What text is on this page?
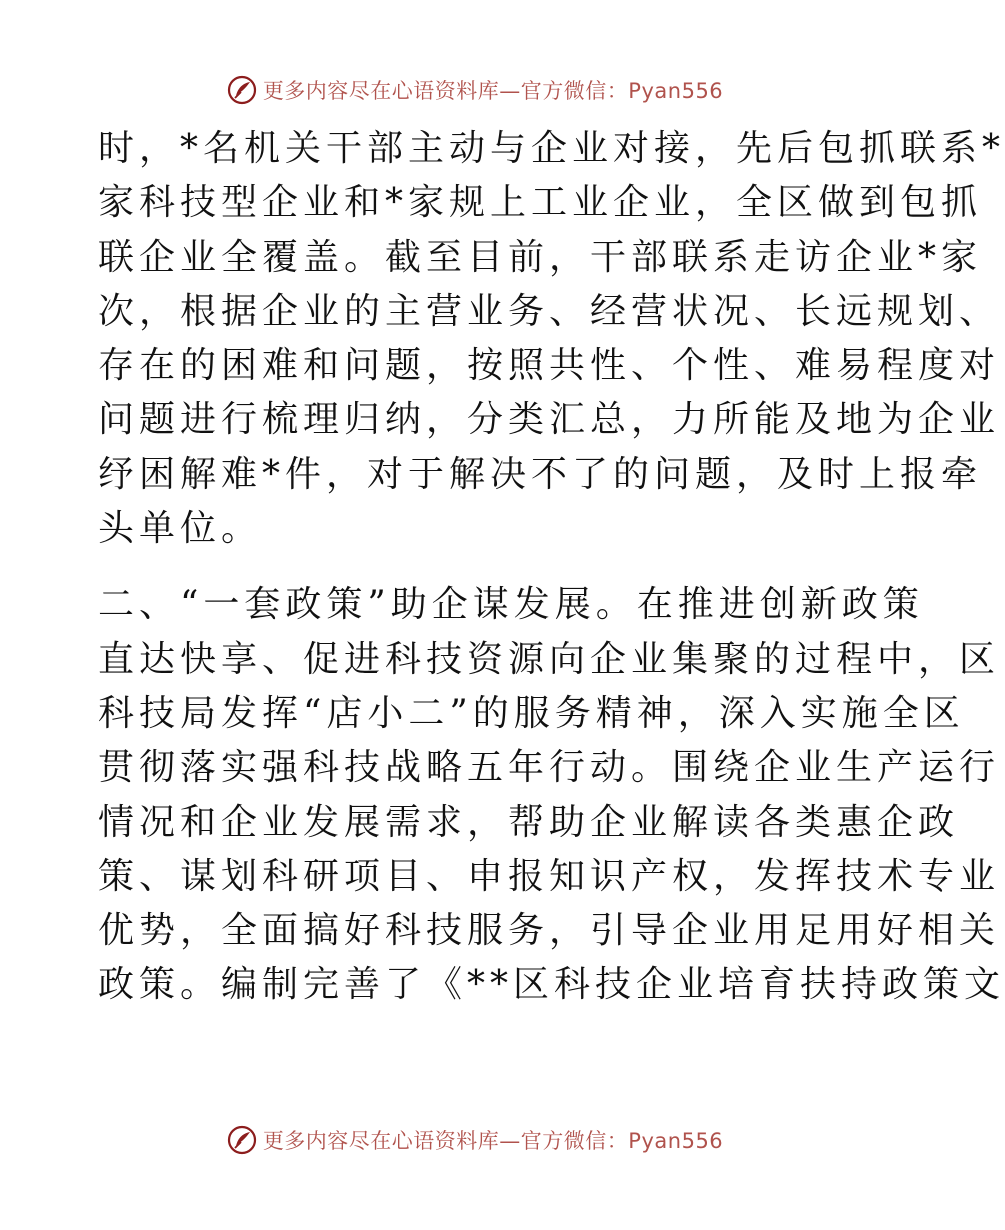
更多内容尽在心语资料库—官方微信：Pyan556
时，*名机关干部主动与企业对接，先后包抓联系*
家科技型企业和*家规上工业企业，全区做到包抓
联企业全覆盖。截至目前，干部联系走访企业*家
次，根据企业的主营业务、经营状况、长远规划、
存在的困难和问题，按照共性、个性、难易程度对
问题进行梳理归纳，分类汇总，力所能及地为企业
纾困解难*件，对于解决不了的问题，及时上报牵
头单位。
二、“一套政策”助企谋发展。在推进创新政策
直达快享、促进科技资源向企业集聚的过程中，区
科技局发挥“店小二”的服务精神，深入实施全区
贯彻落实强科技战略五年行动。围绕企业生产运行
情况和企业发展需求，帮助企业解读各类惠企政
策、谋划科研项目、申报知识产权，发挥技术专业
优势，全面搞好科技服务，引导企业用足用好相关
政策。编制完善了《**区科技企业培育扶持政策文
更多内容尽在心语资料库—官方微信：Pyan556
